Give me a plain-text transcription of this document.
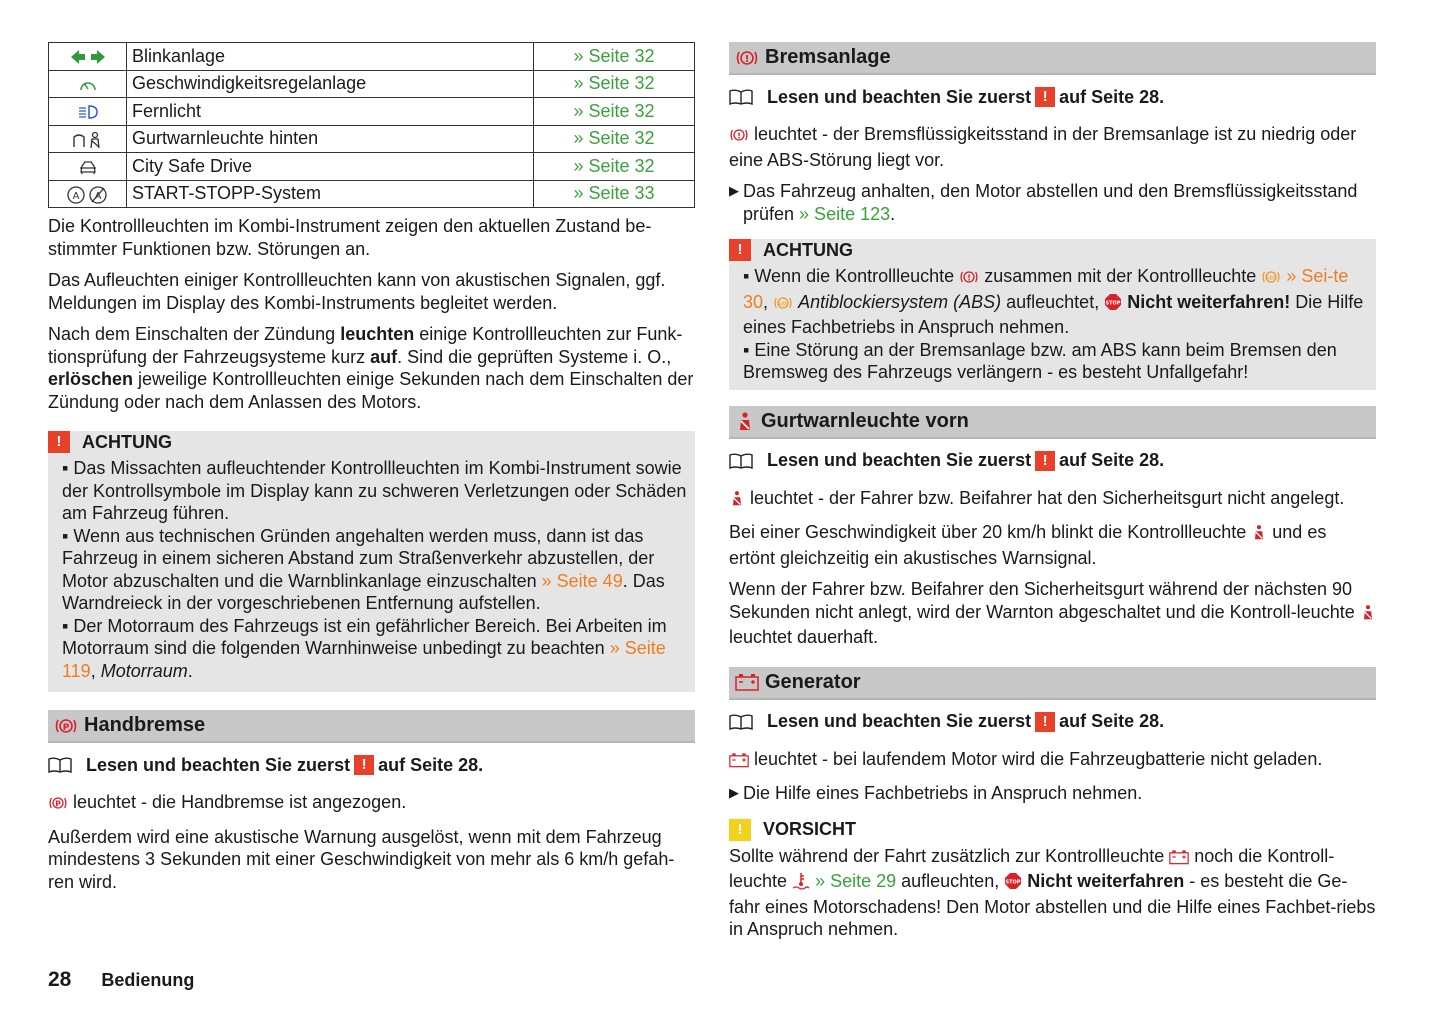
	Blinkanlage	» Seite 32
	Geschwindigkeitsregelanlage	» Seite 32
	Fernlicht	» Seite 32
	Gurtwarnleuchte hinten	» Seite 32
	City Safe Drive	» Seite 32

A A	START-STOPP-System	» Seite 33

Die Kontrollleuchten im Kombi-Instrument zeigen den aktuellen Zustand be-stimmter Funktionen bzw. Störungen an.

Das Aufleuchten einiger Kontrollleuchten kann von akustischen Signalen, ggf. Meldungen im Display des Kombi-Instruments begleitet werden.

Nach dem Einschalten der Zündung leuchten einige Kontrollleuchten zur Funk-tionsprüfung der Fahrzeugsysteme kurz auf. Sind die geprüften Systeme i. O., erlöschen jeweilige Kontrollleuchten einige Sekunden nach dem Einschalten der Zündung oder nach dem Anlassen des Motors.

!	ACHTUNG

▪ Das Missachten aufleuchtender Kontrollleuchten im Kombi-Instrument sowie der Kontrollsymbole im Display kann zu schweren Verletzungen oder Schäden am Fahrzeug führen.

▪ Wenn aus technischen Gründen angehalten werden muss, dann ist das Fahrzeug in einem sicheren Abstand zum Straßenverkehr abzustellen, der Motor abzuschalten und die Warnblinkanlage einzuschalten » Seite 49. Das Warndreieck in der vorgeschriebenen Entfernung aufstellen.

▪ Der Motorraum des Fahrzeugs ist ein gefährlicher Bereich. Bei Arbeiten im Motorraum sind die folgenden Warnhinweise unbedingt zu beachten » Seite 119, Motorraum.

P Handbremse
Lesen und beachten Sie zuerst ! auf Seite 28.

P leuchtet - die Handbremse ist angezogen.

Außerdem wird eine akustische Warnung ausgelöst, wenn mit dem Fahrzeug mindestens 3 Sekunden mit einer Geschwindigkeit von mehr als 6 km/h gefah-ren wird.

! Bremsanlage
Lesen und beachten Sie zuerst ! auf Seite 28.

! leuchtet - der Bremsflüssigkeitsstand in der Bremsanlage ist zu niedrig oder eine ABS-Störung liegt vor.

▶ Das Fahrzeug anhalten, den Motor abstellen und den Bremsflüssigkeitsstand prüfen » Seite 123.

!	ACHTUNG

▪ Wenn die Kontrollleuchte ! zusammen mit der Kontrollleuchte ABS » Sei-te 30, ABS Antiblockiersystem (ABS) aufleuchtet, STOP Nicht weiterfahren! Die Hilfe eines Fachbetriebs in Anspruch nehmen.

▪ Eine Störung an der Bremsanlage bzw. am ABS kann beim Bremsen den Bremsweg des Fahrzeugs verlängern - es besteht Unfallgefahr!

Gurtwarnleuchte vorn
Lesen und beachten Sie zuerst ! auf Seite 28.

leuchtet - der Fahrer bzw. Beifahrer hat den Sicherheitsgurt nicht angelegt.

Bei einer Geschwindigkeit über 20 km/h blinkt die Kontrollleuchte  und es ertönt gleichzeitig ein akustisches Warnsignal.

Wenn der Fahrer bzw. Beifahrer den Sicherheitsgurt während der nächsten 90 Sekunden nicht anlegt, wird der Warnton abgeschaltet und die Kontroll-leuchte  leuchtet dauerhaft.

Generator
Lesen und beachten Sie zuerst ! auf Seite 28.

leuchtet - bei laufendem Motor wird die Fahrzeugbatterie nicht geladen.

▶ Die Hilfe eines Fachbetriebs in Anspruch nehmen.

!	VORSICHT

Sollte während der Fahrt zusätzlich zur Kontrollleuchte  noch die Kontroll-leuchte  » Seite 29 aufleuchten, STOP Nicht weiterfahren - es besteht die Ge-fahr eines Motorschadens! Den Motor abstellen und die Hilfe eines Fachbet-riebs in Anspruch nehmen.

28 Bedienung
